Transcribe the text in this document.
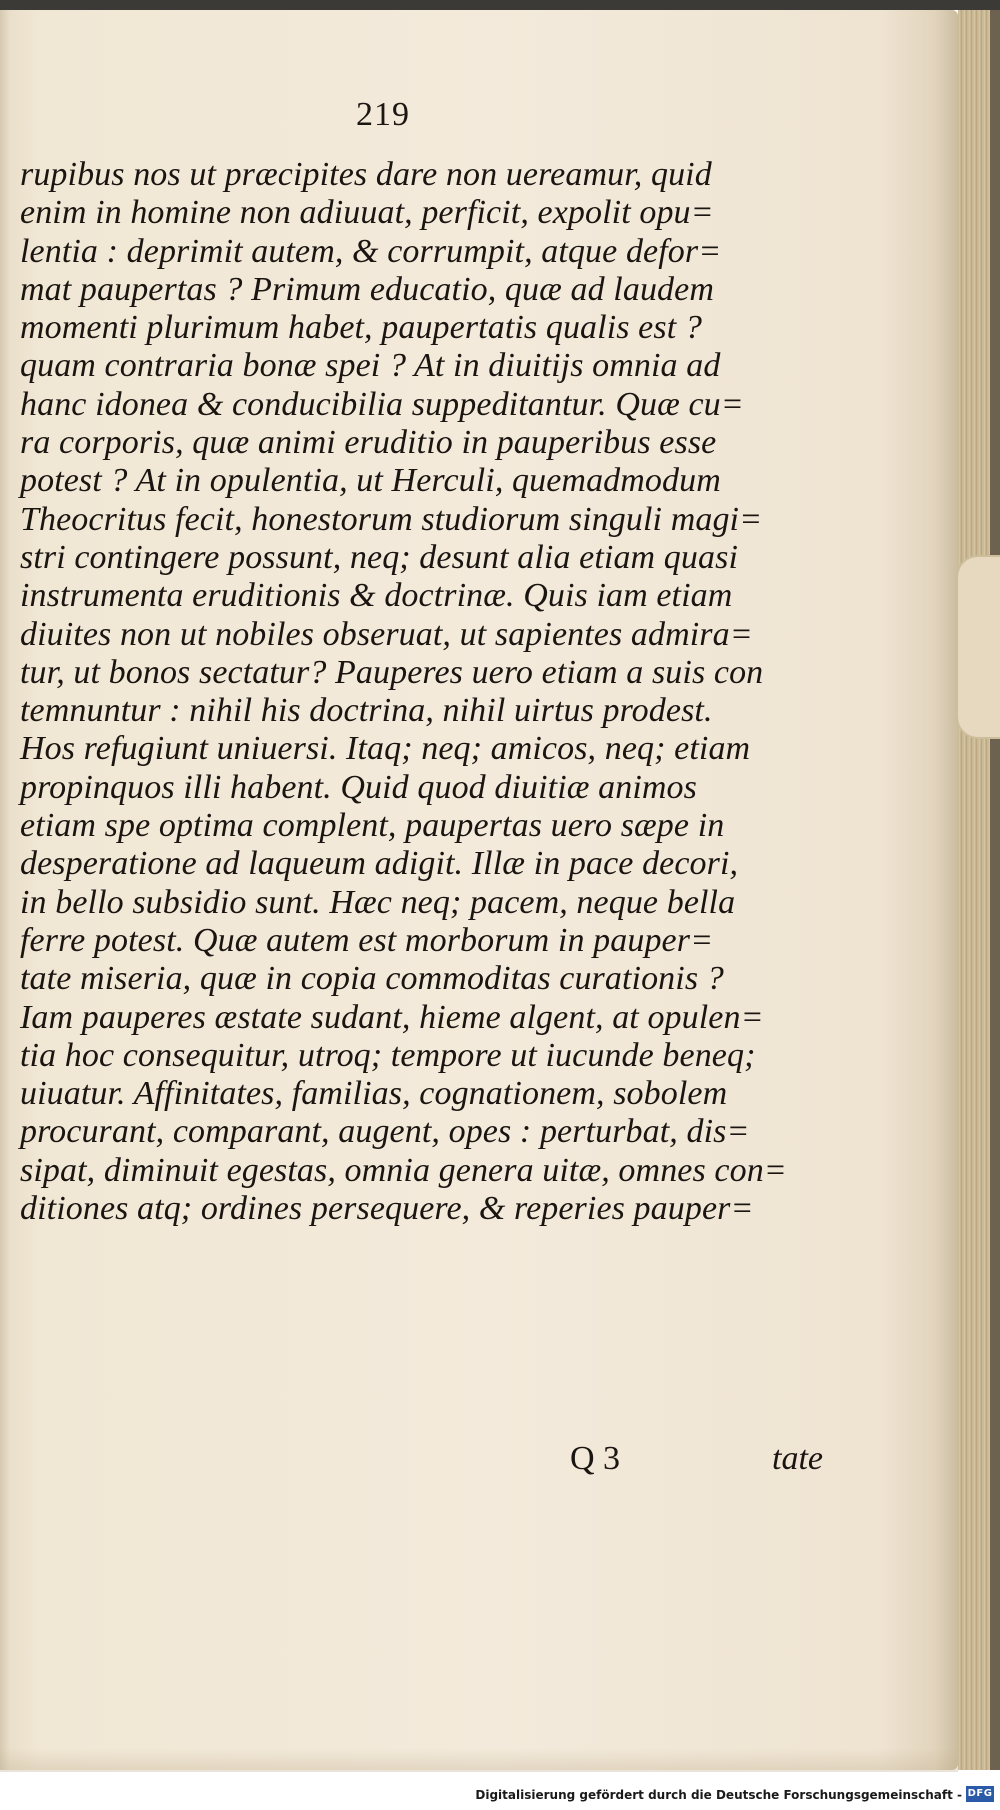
219
rupibus nos ut præcipites dare non uereamur, quid
enim in homine non adiuuat, perficit, expolit opu=
lentia : deprimit autem, & corrumpit, atque defor=
mat paupertas ? Primum educatio, quæ ad laudem
momenti plurimum habet, paupertatis qualis est ?
quam contraria bonæ spei ? At in diuitijs omnia ad
hanc idonea & conducibilia suppeditantur. Quæ cu=
ra corporis, quæ animi eruditio in pauperibus esse
potest ? At in opulentia, ut Herculi, quemadmodum
Theocritus fecit, honestorum studiorum singuli magi=
stri contingere possunt, neq; desunt alia etiam quasi
instrumenta eruditionis & doctrinæ. Quis iam etiam
diuites non ut nobiles obseruat, ut sapientes admira=
tur, ut bonos sectatur? Pauperes uero etiam a suis con
temnuntur : nihil his doctrina, nihil uirtus prodest.
Hos refugiunt uniuersi. Itaq; neq; amicos, neq; etiam
propinquos illi habent. Quid quod diuitiæ animos
etiam spe optima complent, paupertas uero sæpe in
desperatione ad laqueum adigit. Illæ in pace decori,
in bello subsidio sunt. Hæc neq; pacem, neque bella
ferre potest. Quæ autem est morborum in pauper=
tate miseria, quæ in copia commoditas curationis ?
Iam pauperes æstate sudant, hieme algent, at opulen=
tia hoc consequitur, utroq; tempore ut iucunde beneq;
uiuatur. Affinitates, familias, cognationem, sobolem
procurant, comparant, augent, opes : perturbat, dis=
sipat, diminuit egestas, omnia genera uitæ, omnes con=
ditiones atq; ordines persequere, & reperies pauper=
Q 3	tate
Digitalisierung gefördert durch die Deutsche Forschungsgemeinschaft - DFG
